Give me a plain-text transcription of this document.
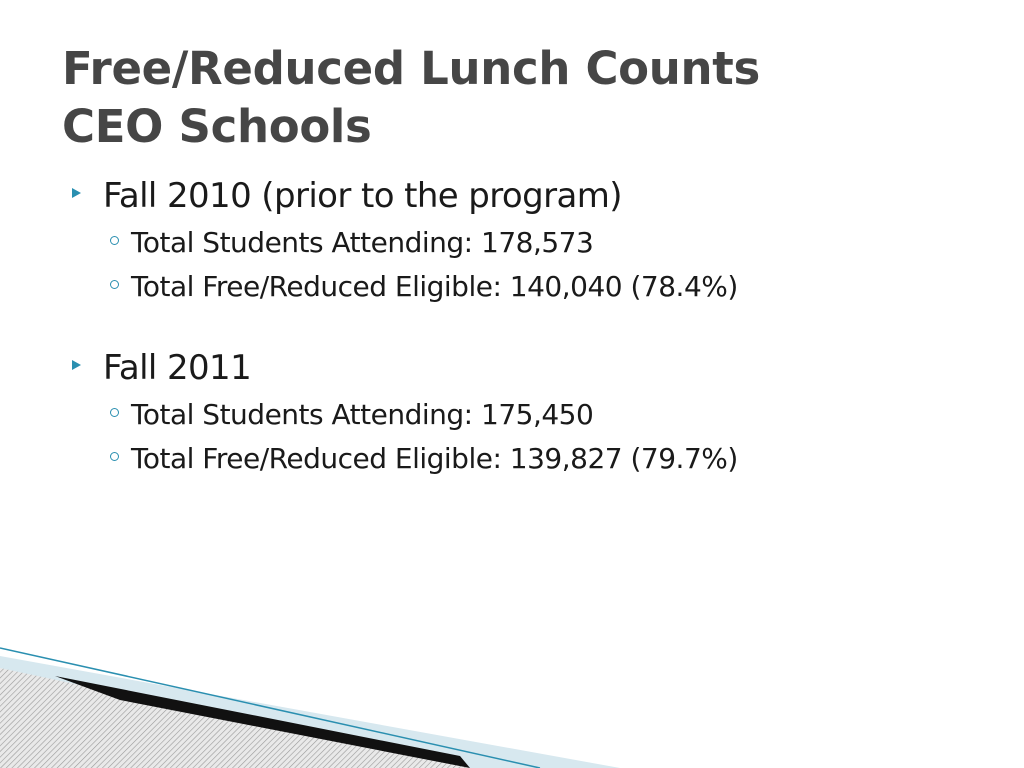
Free/Reduced Lunch Counts
CEO Schools
Fall 2010 (prior to the program)
Total Students Attending: 178,573
Total Free/Reduced Eligible: 140,040 (78.4%)
Fall 2011
Total Students Attending: 175,450
Total Free/Reduced Eligible: 139,827 (79.7%)
